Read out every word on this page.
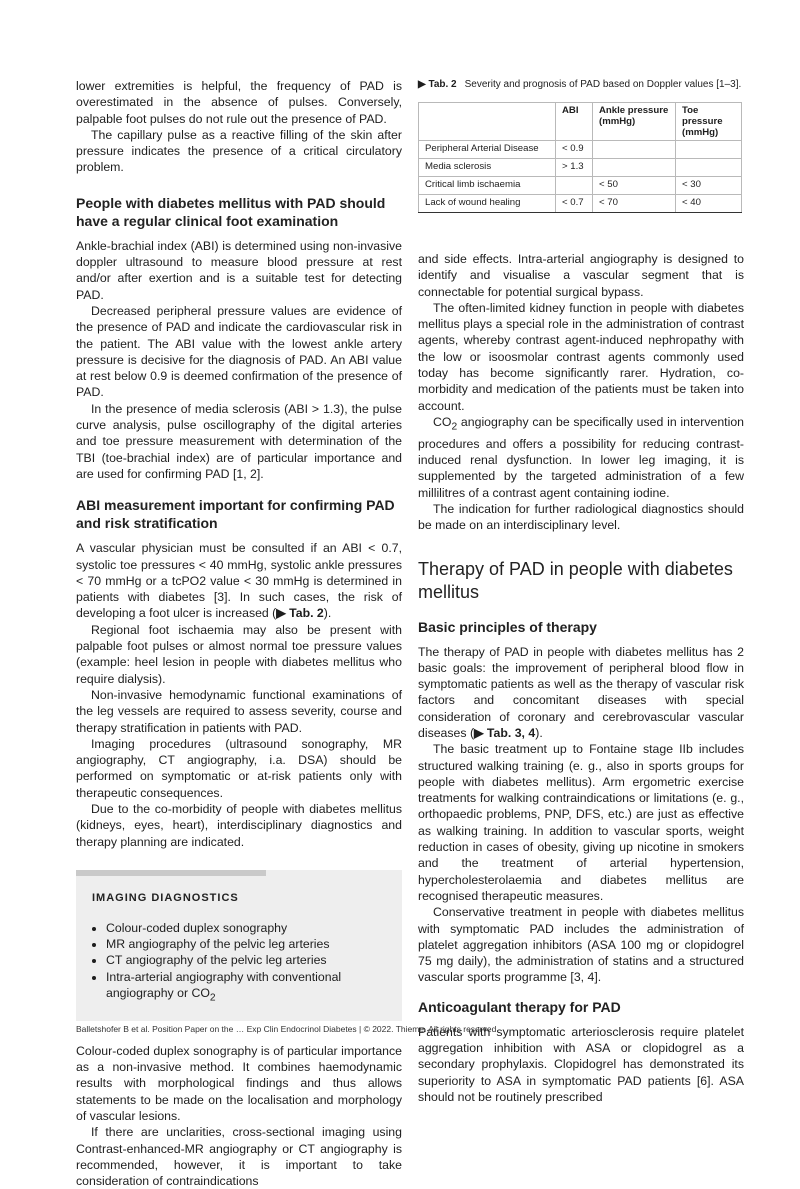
lower extremities is helpful, the frequency of PAD is overestimated in the absence of pulses. Conversely, palpable foot pulses do not rule out the presence of PAD.

The capillary pulse as a reactive filling of the skin after pressure indicates the presence of a critical circulatory problem.

People with diabetes mellitus with PAD should have a regular clinical foot examination

Ankle-brachial index (ABI) is determined using non-invasive doppler ultrasound to measure blood pressure at rest and/or after exertion and is a suitable test for detecting PAD.

Decreased peripheral pressure values are evidence of the presence of PAD and indicate the cardiovascular risk in the patient. The ABI value with the lowest ankle artery pressure is decisive for the diagnosis of PAD. An ABI value at rest below 0.9 is deemed confirmation of the presence of PAD.

In the presence of media sclerosis (ABI > 1.3), the pulse curve analysis, pulse oscillography of the digital arteries and toe pressure measurement with determination of the TBI (toe-brachial index) are of particular importance and are used for confirming PAD [1, 2].

ABI measurement important for confirming PAD and risk stratification

A vascular physician must be consulted if an ABI < 0.7, systolic toe pressures < 40 mmHg, systolic ankle pressures < 70 mmHg or a tcPO2 value < 30 mmHg is determined in patients with diabetes [3]. In such cases, the risk of developing a foot ulcer is increased (▶ Tab. 2).

Regional foot ischaemia may also be present with palpable foot pulses or almost normal toe pressure values (example: heel lesion in people with diabetes mellitus who require dialysis).

Non-invasive hemodynamic functional examinations of the leg vessels are required to assess severity, course and therapy stratification in patients with PAD.

Imaging procedures (ultrasound sonography, MR angiography, CT angiography, i.a. DSA) should be performed on symptomatic or at-risk patients only with therapeutic consequences.

Due to the co-morbidity of people with diabetes mellitus (kidneys, eyes, heart), interdisciplinary diagnostics and therapy planning are indicated.

IMAGING DIAGNOSTICS
• Colour-coded duplex sonography
• MR angiography of the pelvic leg arteries
• CT angiography of the pelvic leg arteries
• Intra-arterial angiography with conventional angiography or $CO_2$

Colour-coded duplex sonography is of particular importance as a non-invasive method. It combines haemodynamic results with morphological findings and thus allows statements to be made on the localisation and morphology of vascular lesions.

If there are unclarities, cross-sectional imaging using Contrast-enhanced-MR angiography or CT angiography is recommended, however, it is important to take consideration of contraindications

▶ Tab. 2 Severity and prognosis of PAD based on Doppler values [1–3].
	ABI	Ankle pressure (mmHg)	Toe pressure (mmHg)
Peripheral Arterial Disease	< 0.9		
Media sclerosis	> 1.3		
Critical limb ischaemia		< 50	< 30
Lack of wound healing	< 0.7	< 70	< 40

and side effects. Intra-arterial angiography is designed to identify and visualise a vascular segment that is connectable for potential surgical bypass.

The often-limited kidney function in people with diabetes mellitus plays a special role in the administration of contrast agents, whereby contrast agent-induced nephropathy with the low or isoosmolar contrast agents commonly used today has become significantly rarer. Hydration, co-morbidity and medication of the patients must be taken into account.

$CO_2$ angiography can be specifically used in intervention procedures and offers a possibility for reducing contrast-induced renal dysfunction. In lower leg imaging, it is supplemented by the targeted administration of a few millilitres of a contrast agent containing iodine.

The indication for further radiological diagnostics should be made on an interdisciplinary level.

Therapy of PAD in people with diabetes mellitus
Basic principles of therapy

The therapy of PAD in people with diabetes mellitus has 2 basic goals: the improvement of peripheral blood flow in symptomatic patients as well as the therapy of vascular risk factors and concomitant diseases with special consideration of coronary and cerebrovascular vascular diseases (▶ Tab. 3, 4).

The basic treatment up to Fontaine stage IIb includes structured walking training (e. g., also in sports groups for people with diabetes mellitus). Arm ergometric exercise treatments for walking contraindications or limitations (e. g., orthopaedic problems, PNP, DFS, etc.) are just as effective as walking training. In addition to vascular sports, weight reduction in cases of obesity, giving up nicotine in smokers and the treatment of arterial hypertension, hypercholesterolaemia and diabetes mellitus are recognised therapeutic measures.

Conservative treatment in people with diabetes mellitus with symptomatic PAD includes the administration of platelet aggregation inhibitors (ASA 100 mg or clopidogrel 75 mg daily), the administration of statins and a structured vascular sports programme [3, 4].

Anticoagulant therapy for PAD

Patients with symptomatic arteriosclerosis require platelet aggregation inhibition with ASA or clopidogrel as a secondary prophylaxis. Clopidogrel has demonstrated its superiority to ASA in symptomatic PAD patients [6]. ASA should not be routinely prescribed

Balletshofer B et al. Position Paper on the … Exp Clin Endocrinol Diabetes | © 2022. Thieme. All rights reserved.
